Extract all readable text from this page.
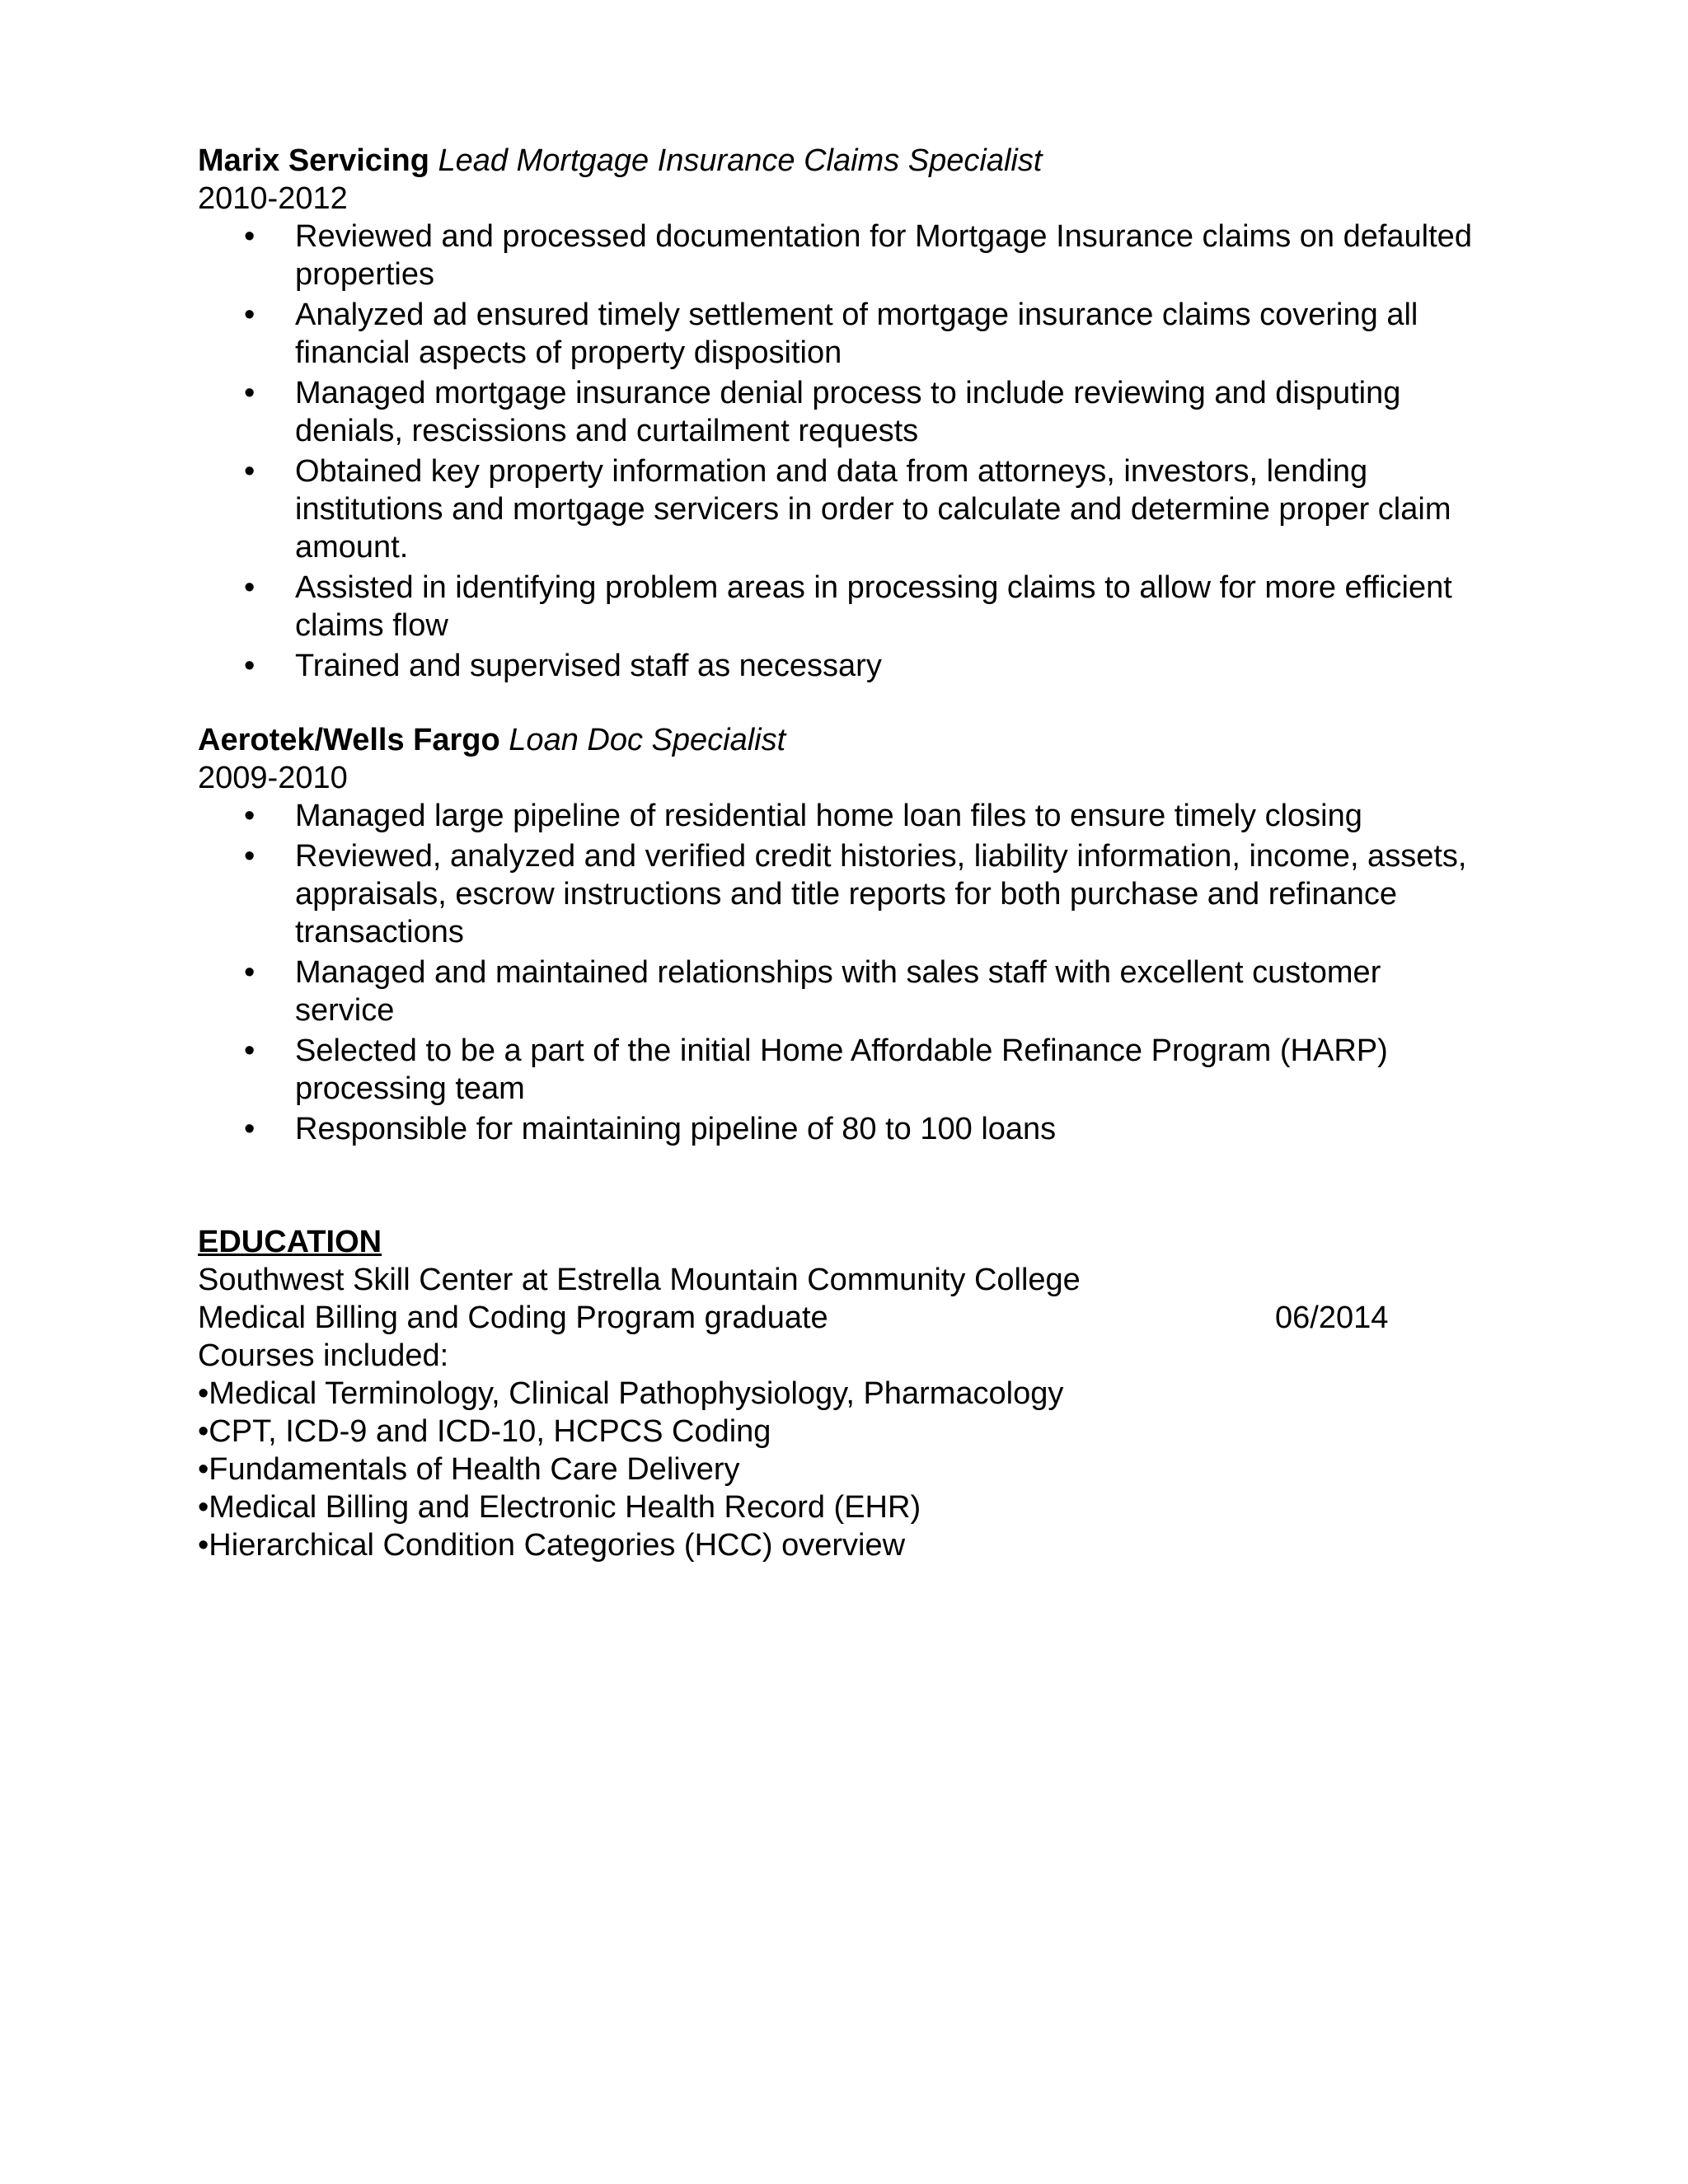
Marix Servicing Lead Mortgage Insurance Claims Specialist

2010-2012

• Reviewed and processed documentation for Mortgage Insurance claims on defaulted properties
• Analyzed ad ensured timely settlement of mortgage insurance claims covering all financial aspects of property disposition
• Managed mortgage insurance denial process to include reviewing and disputing denials, rescissions and curtailment requests
• Obtained key property information and data from attorneys, investors, lending institutions and mortgage servicers in order to calculate and determine proper claim amount.
• Assisted in identifying problem areas in processing claims to allow for more efficient claims flow
• Trained and supervised staff as necessary

Aerotek/Wells Fargo Loan Doc Specialist

2009-2010

• Managed large pipeline of residential home loan files to ensure timely closing
• Reviewed, analyzed and verified credit histories, liability information, income, assets, appraisals, escrow instructions and title reports for both purchase and refinance transactions
• Managed and maintained relationships with sales staff with excellent customer service
• Selected to be a part of the initial Home Affordable Refinance Program (HARP) processing team
• Responsible for maintaining pipeline of 80 to 100 loans

EDUCATION

Southwest Skill Center at Estrella Mountain Community College

Medical Billing and Coding Program graduate	06/2014

Courses included:

•Medical Terminology, Clinical Pathophysiology, Pharmacology

•CPT, ICD-9 and ICD-10, HCPCS Coding

•Fundamentals of Health Care Delivery

•Medical Billing and Electronic Health Record (EHR)

•Hierarchical Condition Categories (HCC) overview
